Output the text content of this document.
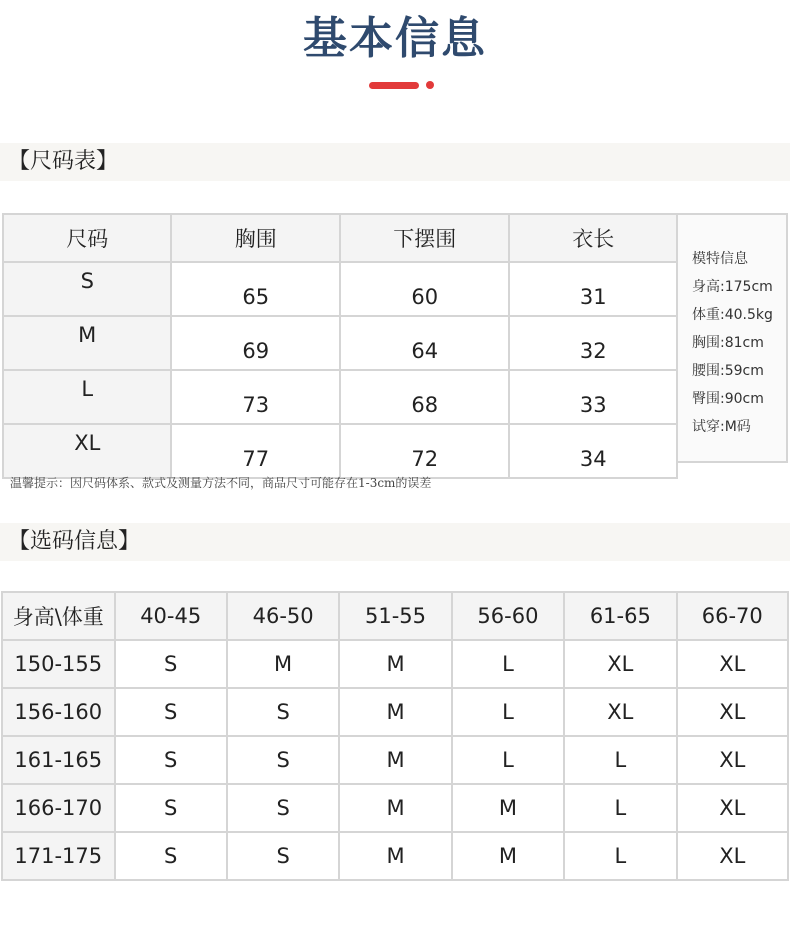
基本信息
【尺码表】
尺码	胸围	下摆围	衣长
S	65	60	31
M	69	64	32
L	73	68	33
XL	77	72	34
模特信息
身高:175cm
体重:40.5kg
胸围:81cm
腰围:59cm
臀围:90cm
试穿:M码
温馨提示：因尺码体系、款式及测量方法不同，商品尺寸可能存在1-3cm的误差
【选码信息】
身高\体重	40-45	46-50	51-55	56-60	61-65	66-70
150-155	S	M	M	L	XL	XL
156-160	S	S	M	L	XL	XL
161-165	S	S	M	L	L	XL
166-170	S	S	M	M	L	XL
171-175	S	S	M	M	L	XL
